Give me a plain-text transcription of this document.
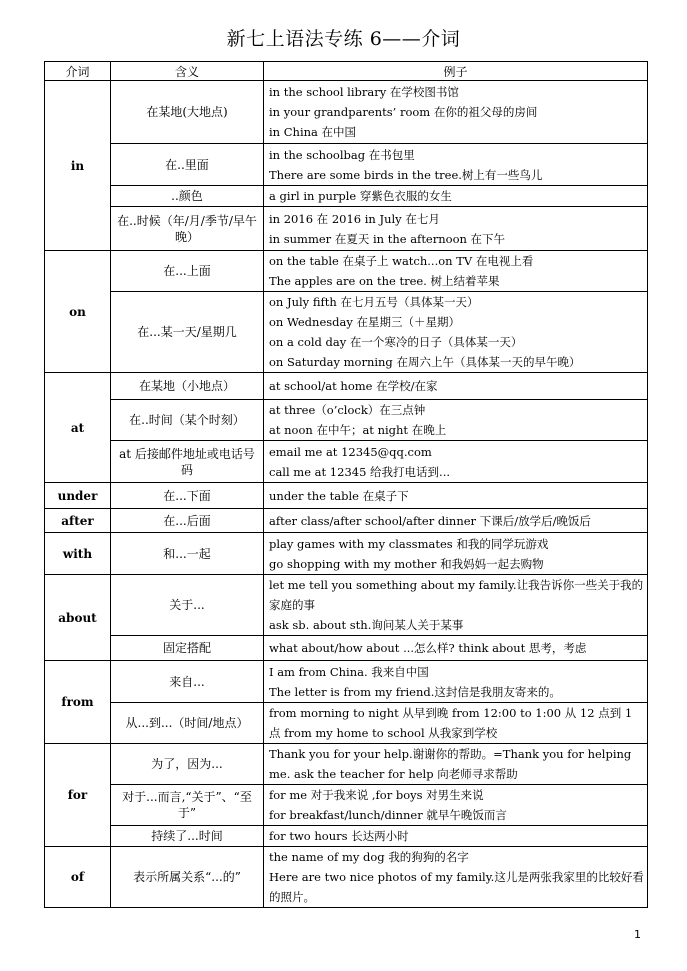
新七上语法专练 6——介词
介词	含义	例子
in	在某地(大地点)	in the school library 在学校图书馆
in your grandparents’ room 在你的祖父母的房间
in China 在中国

	在..里面	in the schoolbag 在书包里
There are some birds in the tree.树上有一些鸟儿

	..颜色	a girl in purple 穿紫色衣服的女生

	在..时候（年/月/季节/早午晚）	in 2016 在 2016 in July 在七月
in summer 在夏天 in the afternoon 在下午

on	在...上面	on the table 在桌子上 watch...on TV 在电视上看
The apples are on the tree. 树上结着苹果

	在...某一天/星期几	on July fifth 在七月五号（具体某一天）
on Wednesday 在星期三（＋星期）
on a cold day 在一个寒冷的日子（具体某一天）
on Saturday morning 在周六上午（具体某一天的早午晚）

at	在某地（小地点）	at school/at home 在学校/在家

	在..时间（某个时刻）	at three（o’clock）在三点钟
at noon 在中午；at night 在晚上

	at 后接邮件地址或电话号码	email me at 12345@qq.com
call me at 12345 给我打电话到...

under	在...下面	under the table 在桌子下

after	在...后面	after class/after school/after dinner 下课后/放学后/晚饭后

with	和...一起	play games with my classmates 和我的同学玩游戏
go shopping with my mother 和我妈妈一起去购物

about	关于...	let me tell you something about my family.让我告诉你一些关于我的家庭的事
ask sb. about sth.询问某人关于某事

	固定搭配	what about/how about ...怎么样? think about 思考，考虑

from	来自...	I am from China. 我来自中国
The letter is from my friend.这封信是我朋友寄来的。

	从...到...（时间/地点）	from morning to night 从早到晚 from 12:00 to 1:00 从 12 点到 1 点 from my home to school 从我家到学校

for	为了，因为...	Thank you for your help.谢谢你的帮助。=Thank you for helping me. ask the teacher for help 向老师寻求帮助

	对于...而言,“关于”、“至于”	for me 对于我来说 ,for boys 对男生来说
for breakfast/lunch/dinner 就早午晚饭而言

	持续了...时间	for two hours 长达两小时

of	表示所属关系“...的”	the name of my dog 我的狗狗的名字
Here are two nice photos of my family.这儿是两张我家里的比较好看的照片。
1
